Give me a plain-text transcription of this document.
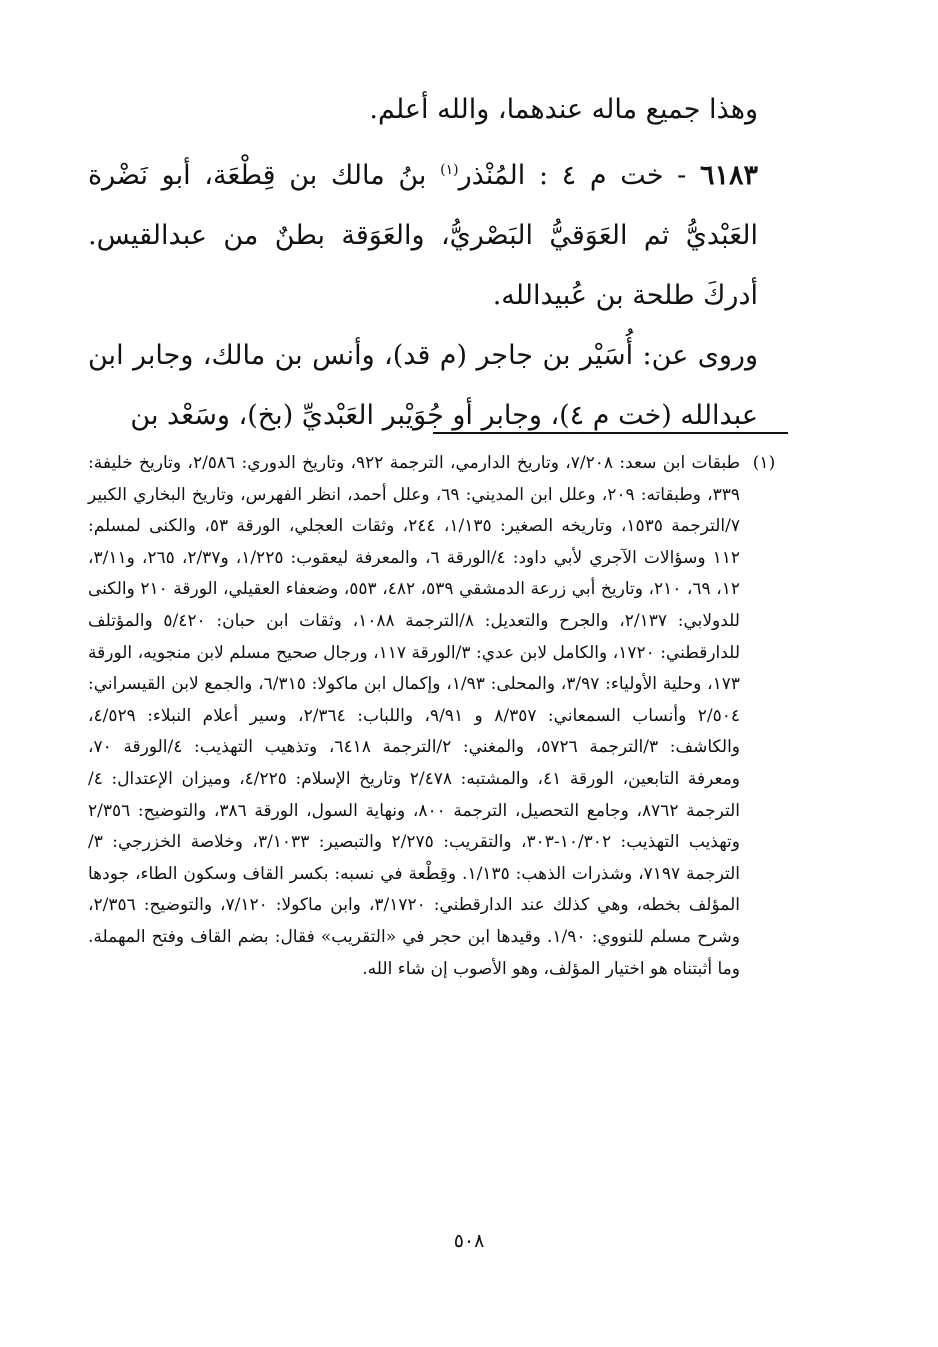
وهذا جميع ماله عندهما، والله أعلم.

٦١٨٣ - خت م ٤ : المُنْذر$^{(١)}$ بنُ مالك بن قِطْعَة، أبو نَضْرة العَبْديُّ ثم العَوَقيُّ البَصْريُّ، والعَوَقة بطنٌ من عبدالقيس. أدركَ طلحة بن عُبيدالله.

وروى عن: أُسَيْر بن جاجر (م قد)، وأنس بن مالك، وجابر ابن عبدالله (خت م ٤)، وجابر أو جُوَيْبر العَبْديِّ (بخ)، وسَعْد بن

(١)
طبقات ابن سعد: ٧/٢٠٨، وتاريخ الدارمي، الترجمة ٩٢٢، وتاريخ الدوري: ٢/٥٨٦، وتاريخ خليفة: ٣٣٩، وطبقاته: ٢٠٩، وعلل ابن المديني: ٦٩، وعلل أحمد، انظر الفهرس، وتاريخ البخاري الكبير ٧/الترجمة ١٥٣٥، وتاريخه الصغير: ١/١٣٥، ٢٤٤، وثقات العجلي، الورقة ٥٣، والكنى لمسلم: ١١٢ وسؤالات الآجري لأبي داود: ٤/الورقة ٦، والمعرفة ليعقوب: ١/٢٢٥، و٢/٣٧، ٢٦٥، و٣/١١، ١٢، ٦٩، ٢١٠، وتاريخ أبي زرعة الدمشقي ٥٣٩، ٤٨٢، ٥٥٣، وضعفاء العقيلي، الورقة ٢١٠ والكنى للدولابي: ٢/١٣٧، والجرح والتعديل: ٨/الترجمة ١٠٨٨، وثقات ابن حبان: ٥/٤٢٠ والمؤتلف للدارقطني: ١٧٢٠، والكامل لابن عدي: ٣/الورقة ١١٧، ورجال صحيح مسلم لابن منجويه، الورقة ١٧٣، وحلية الأولياء: ٣/٩٧، والمحلى: ١/٩٣، وإكمال ابن ماكولا: ٦/٣١٥، والجمع لابن القيسراني: ٢/٥٠٤ وأنساب السمعاني: ٨/٣٥٧ و ٩/٩١، واللباب: ٢/٣٦٤، وسير أعلام النبلاء: ٤/٥٢٩، والكاشف: ٣/الترجمة ٥٧٢٦، والمغني: ٢/الترجمة ٦٤١٨، وتذهيب التهذيب: ٤/الورقة ٧٠، ومعرفة التابعين، الورقة ٤١، والمشتبه: ٢/٤٧٨ وتاريخ الإسلام: ٤/٢٢٥، وميزان الإعتدال: ٤/الترجمة ٨٧٦٢، وجامع التحصيل، الترجمة ٨٠٠، ونهاية السول، الورقة ٣٨٦، والتوضيح: ٢/٣٥٦ وتهذيب التهذيب: ١٠/٣٠٢-٣٠٣، والتقريب: ٢/٢٧٥ والتبصير: ٣/١٠٣٣، وخلاصة الخزرجي: ٣/الترجمة ٧١٩٧، وشذرات الذهب: ١/١٣٥. وقِطْعة في نسبه: بكسر القاف وسكون الطاء، جودها المؤلف بخطه، وهي كذلك عند الدارقطني: ٣/١٧٢٠، وابن ماكولا: ٧/١٢٠، والتوضيح: ٢/٣٥٦، وشرح مسلم للنووي: ١/٩٠. وقيدها ابن حجر في «التقريب» فقال: بضم القاف وفتح المهملة. وما أثبتناه هو اختيار المؤلف، وهو الأصوب إن شاء الله.
٥٠٨
